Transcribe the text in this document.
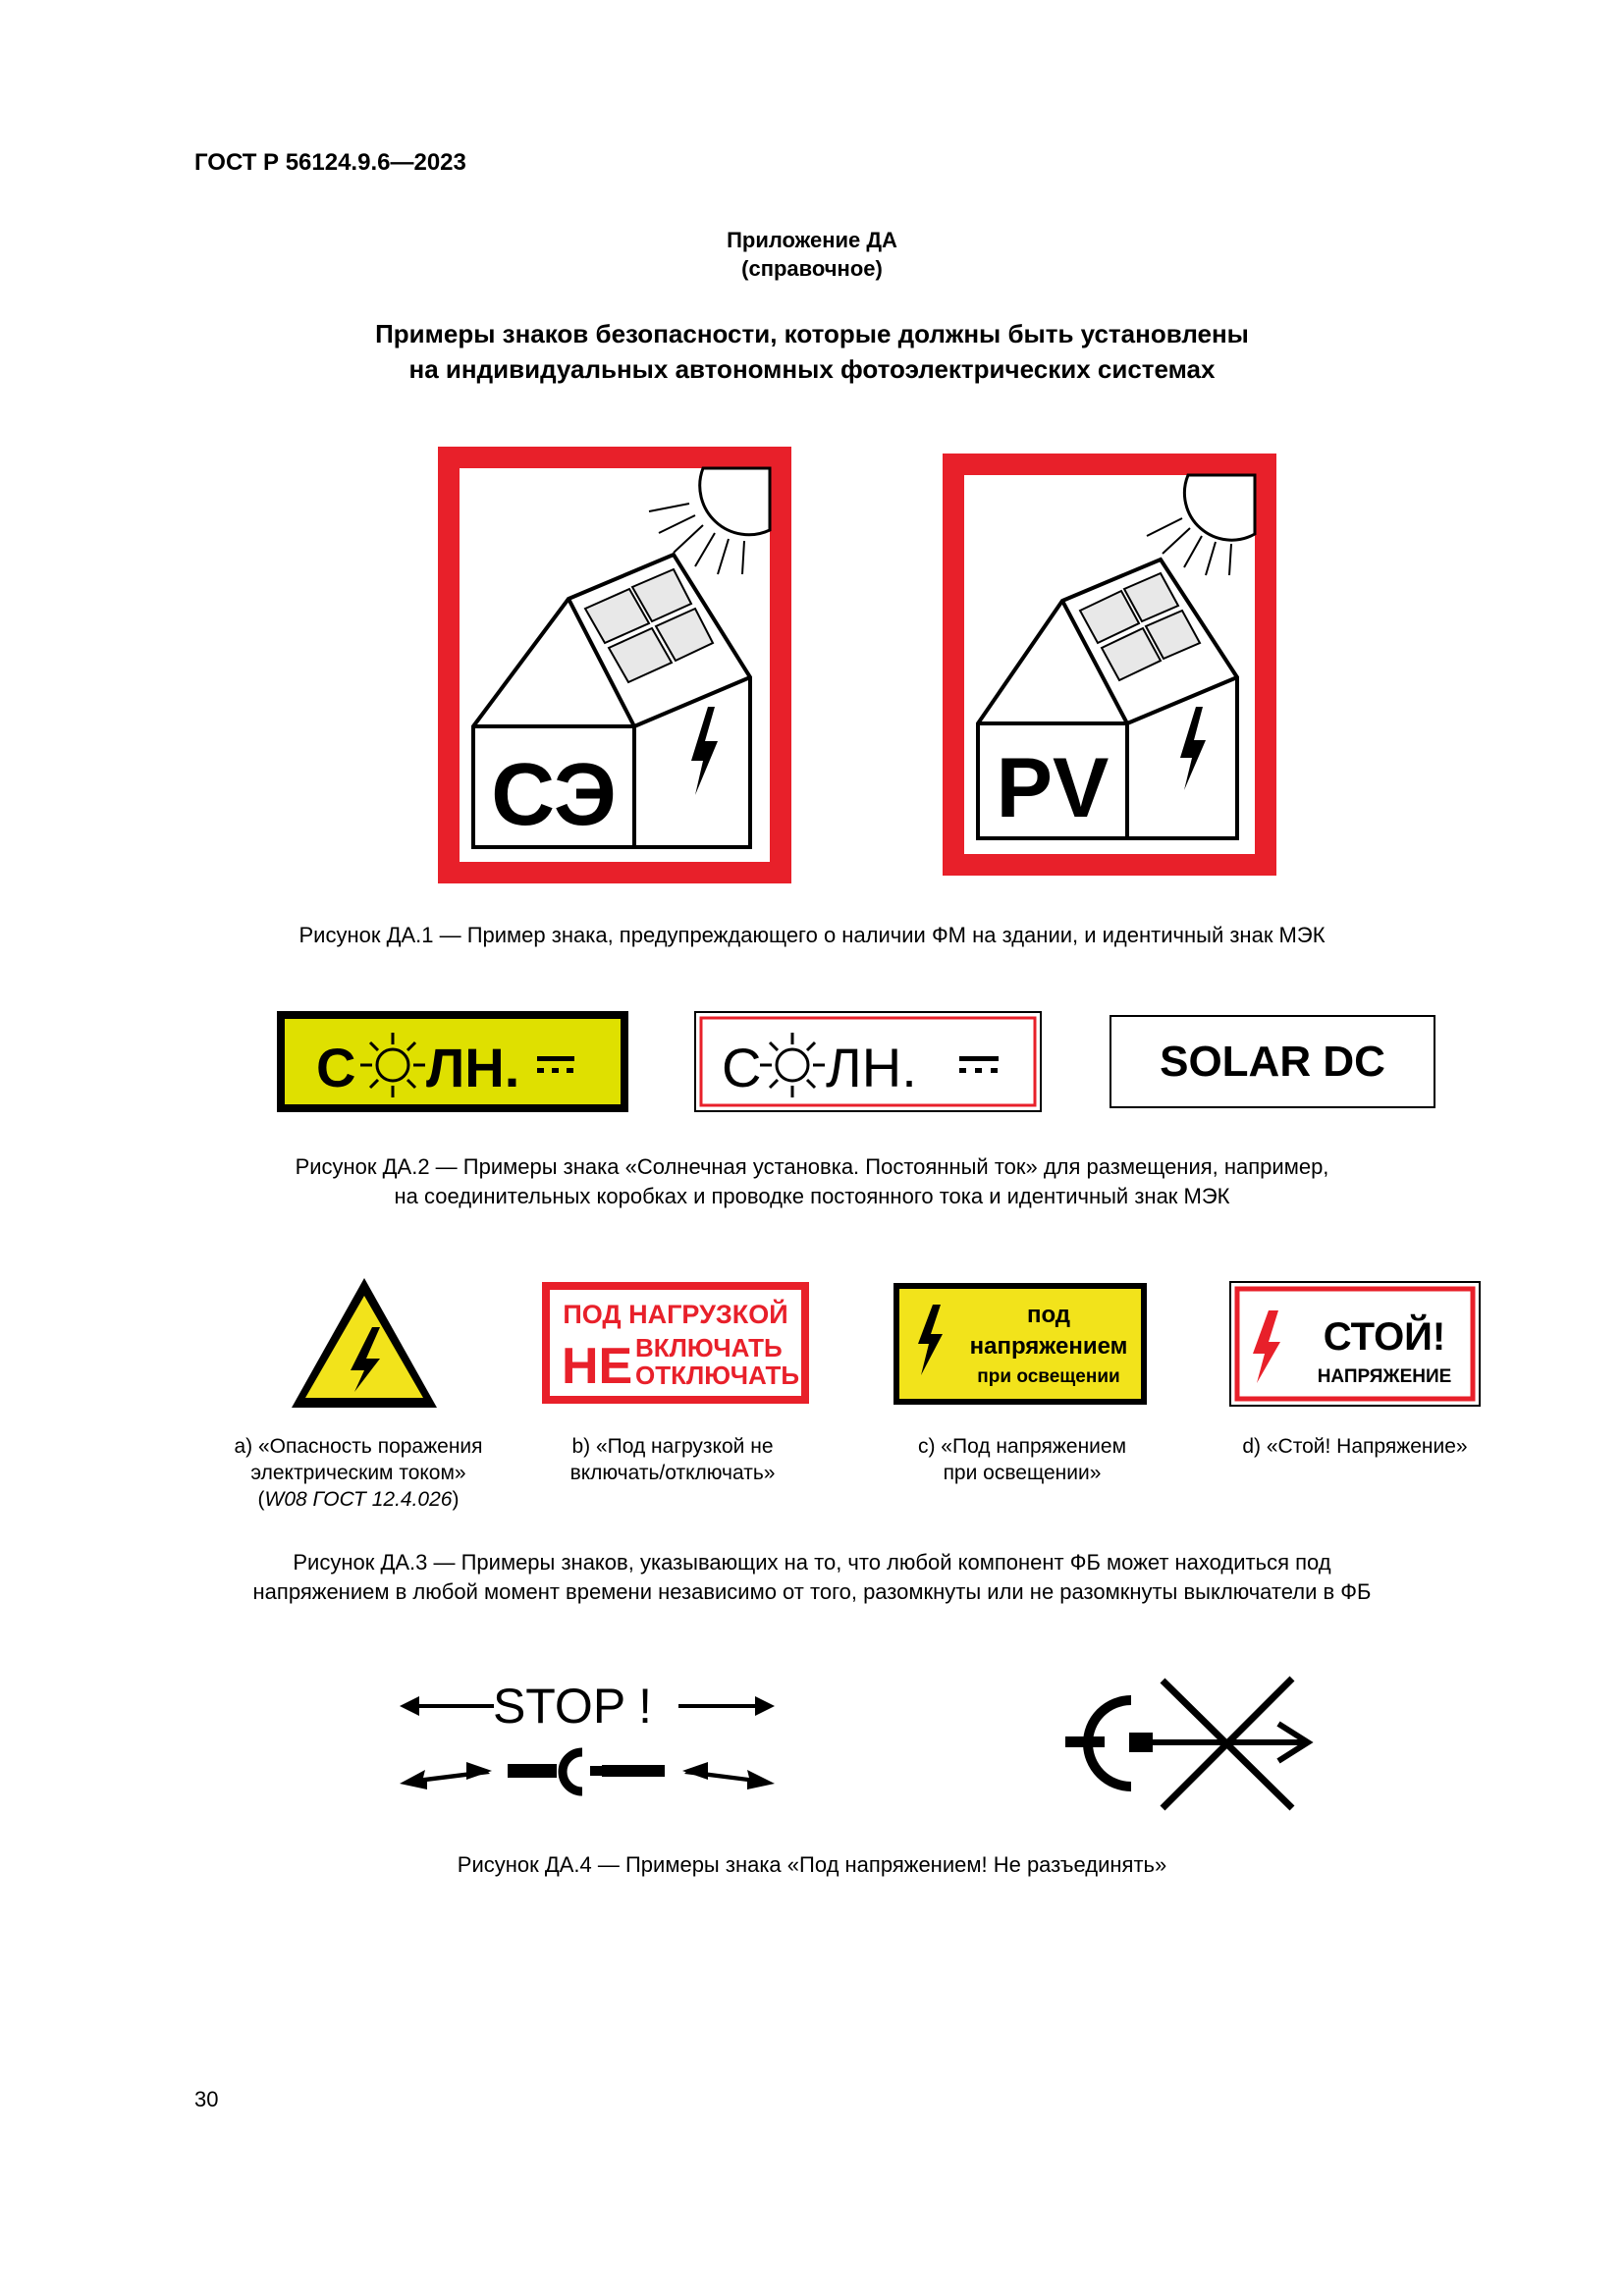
ГОСТ Р 56124.9.6—2023
Приложение ДА
(справочное)
Примеры знаков безопасности, которые должны быть установлены
на индивидуальных автономных фотоэлектрических системах
СЭ	PV
Рисунок ДА.1 — Пример знака, предупреждающего о наличии ФМ на здании, и идентичный знак МЭК
С ЛН.	С ЛН.	SOLAR DC
Рисунок ДА.2 — Примеры знака «Солнечная установка. Постоянный ток» для размещения, например,
на соединительных коробках и проводке постоянного тока и идентичный знак МЭК
ПОД НАГРУЗКОЙ
НЕ ВКЛЮЧАТЬ
ОТКЛЮЧАТЬ
под
напряжением
при освещении
СТОЙ!
НАПРЯЖЕНИЕ
а) «Опасность поражения
электрическим током»
(W08 ГОСТ 12.4.026)
b) «Под нагрузкой не
включать/отключать»
с) «Под напряжением
при освещении»
d) «Стой! Напряжение»
Рисунок ДА.3 — Примеры знаков, указывающих на то, что любой компонент ФБ может находиться под
напряжением в любой момент времени независимо от того, разомкнуты или не разомкнуты выключатели в ФБ
STOP !
Рисунок ДА.4 — Примеры знака «Под напряжением! Не разъединять»
30
